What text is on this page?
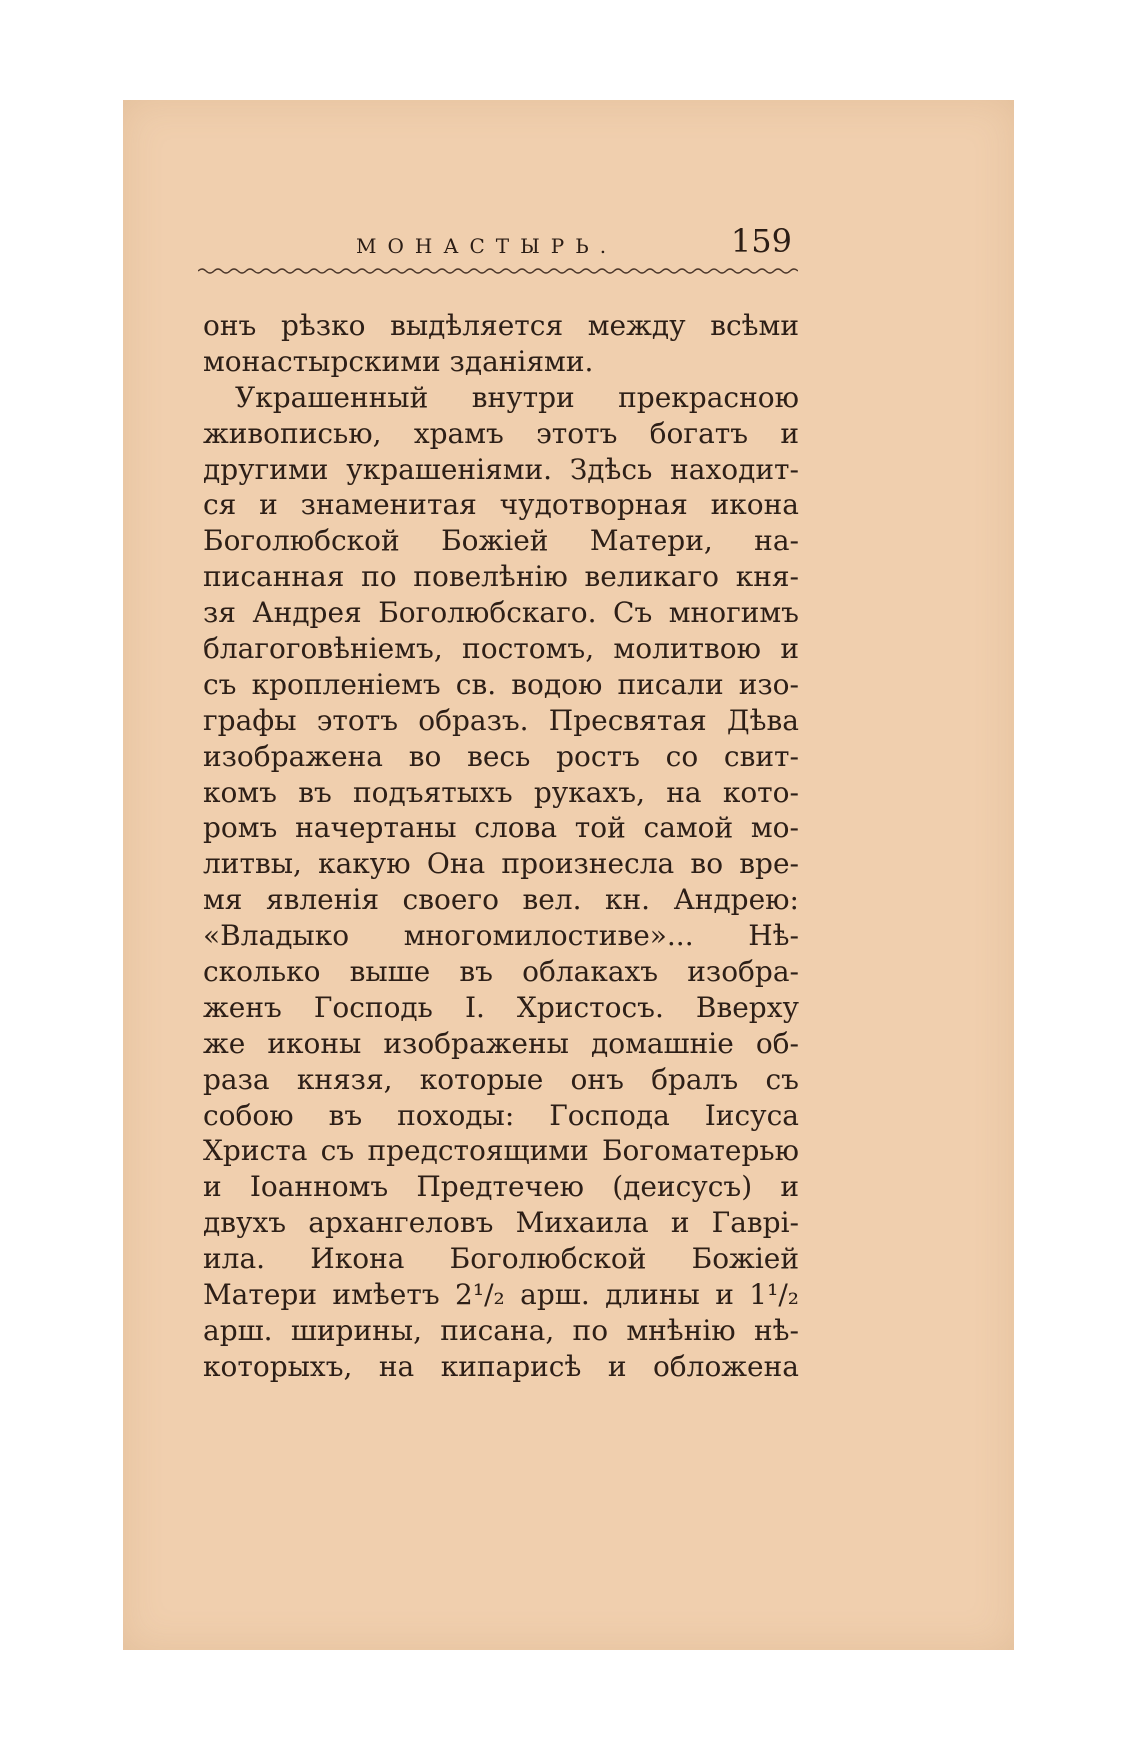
МОНАСТЫРЬ.	159
онъ рѣзко выдѣляется между всѣми
монастырскими зданіями.
Украшенный внутри прекрасною
живописью, храмъ этотъ богатъ и
другими украшеніями. Здѣсь находит-
ся и знаменитая чудотворная икона
Боголюбской Божіей Матери, на-
писанная по повелѣнію великаго кня-
зя Андрея Боголюбскаго. Съ многимъ
благоговѣніемъ, постомъ, молитвою и
съ кропленіемъ св. водою писали изо-
графы этотъ образъ. Пресвятая Дѣва
изображена во весь ростъ со свит-
комъ въ подъятыхъ рукахъ, на кото-
ромъ начертаны слова той самой мо-
литвы, какую Она произнесла во вре-
мя явленія своего вел. кн. Андрею:
«Владыко многомилостиве»... Нѣ-
сколько выше въ облакахъ изобра-
женъ Господь І. Христосъ. Вверху
же иконы изображены домашніе об-
раза князя, которые онъ бралъ съ
собою въ походы: Господа Іисуса
Христа съ предстоящими Богоматерью
и Іоанномъ Предтечею (деисусъ) и
двухъ архангеловъ Михаила и Гаврі-
ила. Икона Боголюбской Божіей
Матери имѣетъ 2¹/₂ арш. длины и 1¹/₂
арш. ширины, писана, по мнѣнію нѣ-
которыхъ, на кипарисѣ и обложена
